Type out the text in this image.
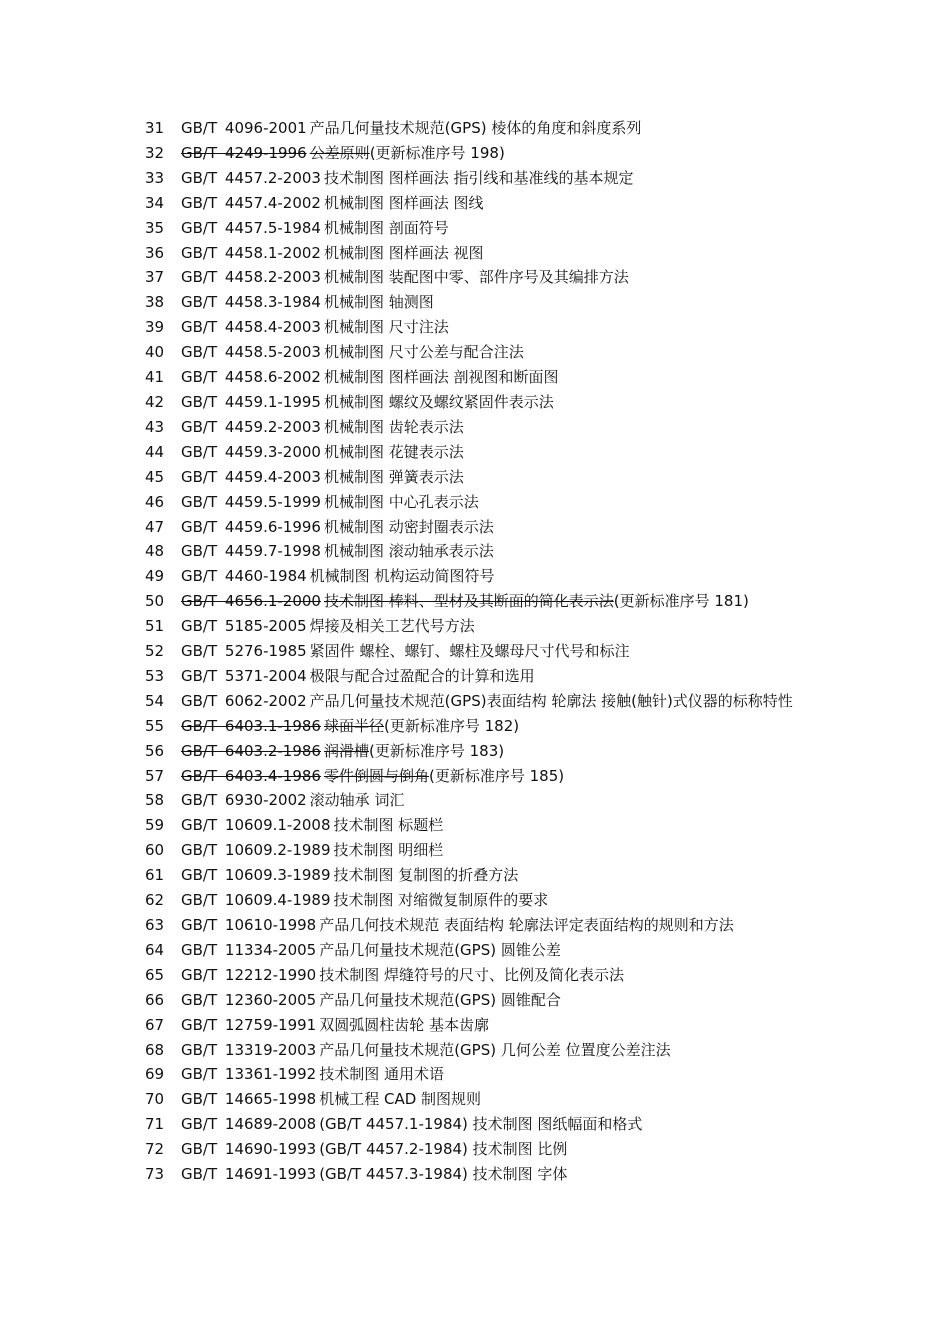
31 GB/T 4096-2001 产品几何量技术规范(GPS) 棱体的角度和斜度系列
32 GB/T 4249-1996 公差原则(更新标准序号 198)
33 GB/T 4457.2-2003 技术制图 图样画法 指引线和基准线的基本规定
34 GB/T 4457.4-2002 机械制图 图样画法 图线
35 GB/T 4457.5-1984 机械制图 剖面符号
36 GB/T 4458.1-2002 机械制图 图样画法 视图
37 GB/T 4458.2-2003 机械制图 装配图中零、部件序号及其编排方法
38 GB/T 4458.3-1984 机械制图 轴测图
39 GB/T 4458.4-2003 机械制图 尺寸注法
40 GB/T 4458.5-2003 机械制图 尺寸公差与配合注法
41 GB/T 4458.6-2002 机械制图 图样画法 剖视图和断面图
42 GB/T 4459.1-1995 机械制图 螺纹及螺纹紧固件表示法
43 GB/T 4459.2-2003 机械制图 齿轮表示法
44 GB/T 4459.3-2000 机械制图 花键表示法
45 GB/T 4459.4-2003 机械制图 弹簧表示法
46 GB/T 4459.5-1999 机械制图 中心孔表示法
47 GB/T 4459.6-1996 机械制图 动密封圈表示法
48 GB/T 4459.7-1998 机械制图 滚动轴承表示法
49 GB/T 4460-1984 机械制图 机构运动简图符号
50 GB/T 4656.1-2000 技术制图 棒料、型材及其断面的简化表示法(更新标准序号 181)
51 GB/T 5185-2005 焊接及相关工艺代号方法
52 GB/T 5276-1985 紧固件 螺栓、螺钉、螺柱及螺母尺寸代号和标注
53 GB/T 5371-2004 极限与配合过盈配合的计算和选用
54 GB/T 6062-2002 产品几何量技术规范(GPS)表面结构 轮廓法 接触(触针)式仪器的标称特性
55 GB/T 6403.1-1986 球面半径(更新标准序号 182)
56 GB/T 6403.2-1986 润滑槽(更新标准序号 183)
57 GB/T 6403.4-1986 零件倒圆与倒角(更新标准序号 185)
58 GB/T 6930-2002 滚动轴承 词汇
59 GB/T 10609.1-2008 技术制图 标题栏
60 GB/T 10609.2-1989 技术制图 明细栏
61 GB/T 10609.3-1989 技术制图 复制图的折叠方法
62 GB/T 10609.4-1989 技术制图 对缩微复制原件的要求
63 GB/T 10610-1998 产品几何技术规范 表面结构 轮廓法评定表面结构的规则和方法
64 GB/T 11334-2005 产品几何量技术规范(GPS) 圆锥公差
65 GB/T 12212-1990 技术制图 焊缝符号的尺寸、比例及简化表示法
66 GB/T 12360-2005 产品几何量技术规范(GPS) 圆锥配合
67 GB/T 12759-1991 双圆弧圆柱齿轮 基本齿廓
68 GB/T 13319-2003 产品几何量技术规范(GPS) 几何公差 位置度公差注法
69 GB/T 13361-1992 技术制图 通用术语
70 GB/T 14665-1998 机械工程 CAD 制图规则
71 GB/T 14689-2008 (GB/T 4457.1-1984) 技术制图 图纸幅面和格式
72 GB/T 14690-1993 (GB/T 4457.2-1984) 技术制图 比例
73 GB/T 14691-1993 (GB/T 4457.3-1984) 技术制图 字体
